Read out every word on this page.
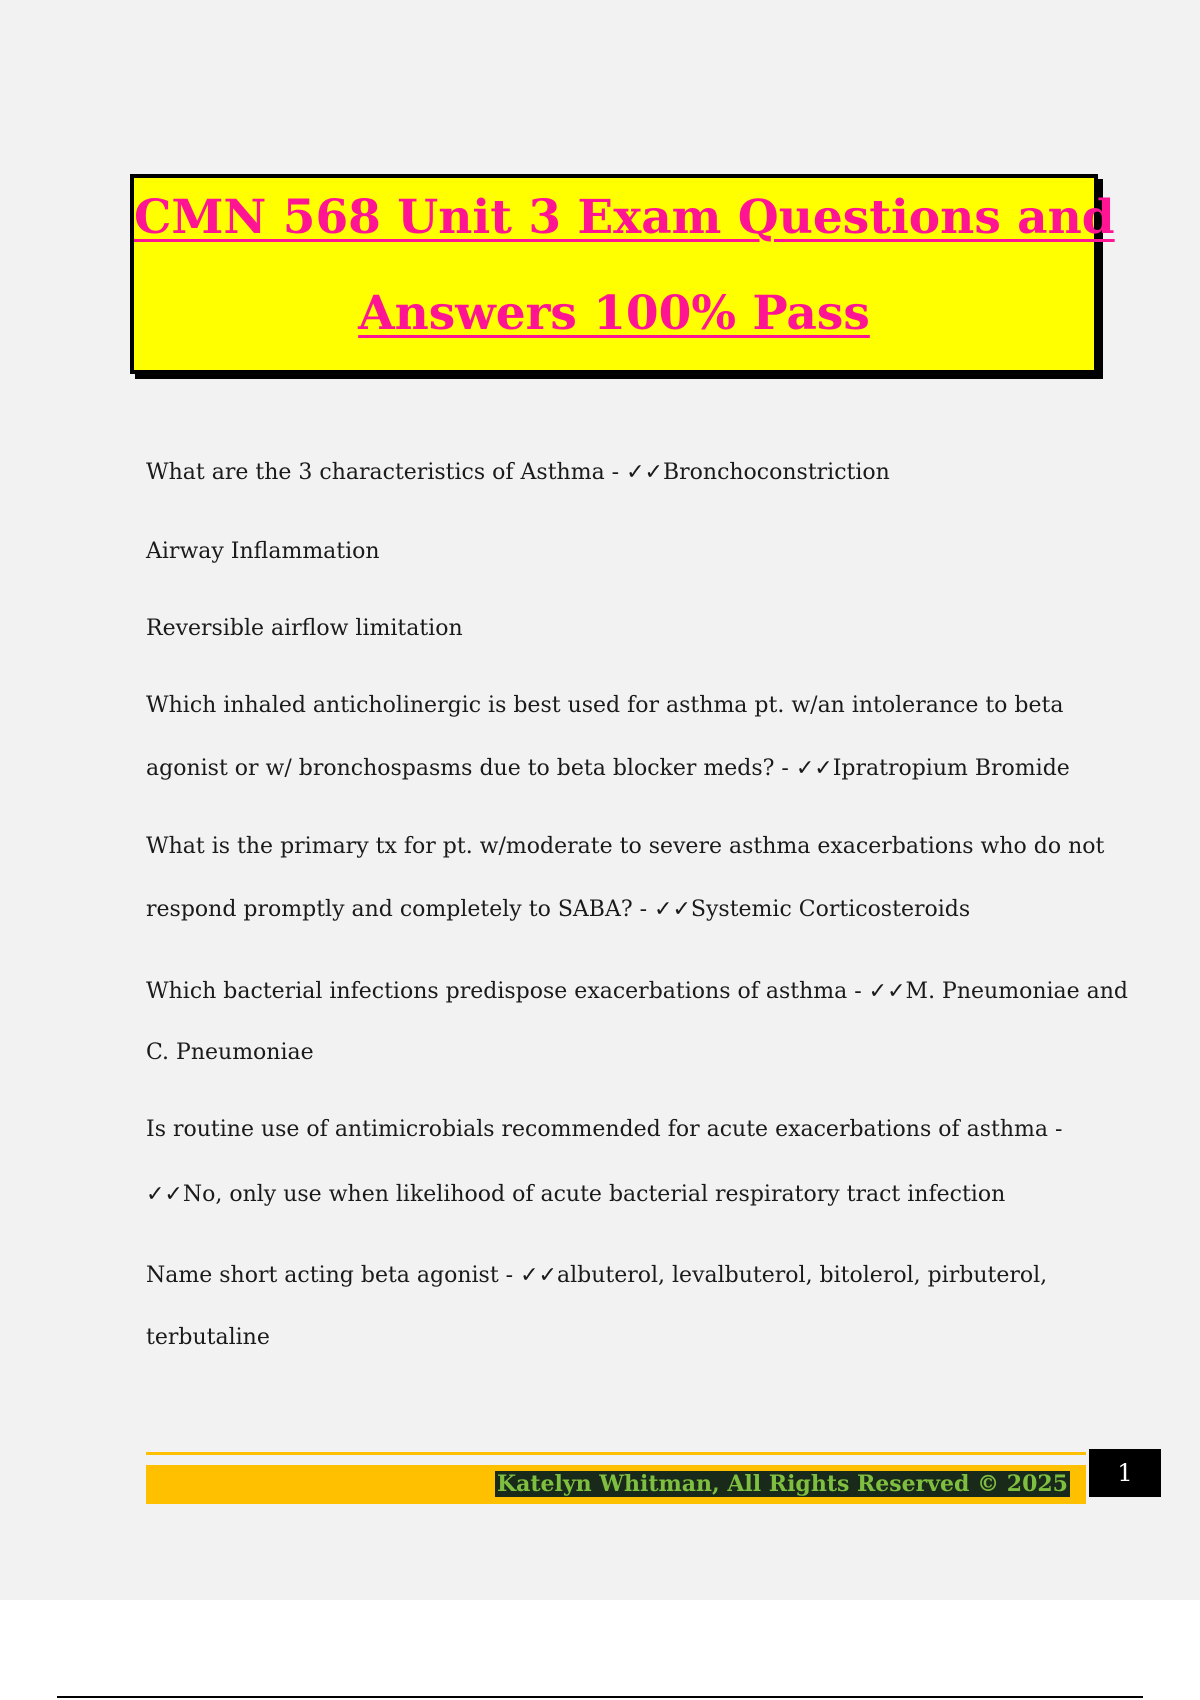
CMN 568 Unit 3 Exam Questions and
Answers 100% Pass
What are the 3 characteristics of Asthma - ✓✓Bronchoconstriction
Airway Inflammation
Reversible airflow limitation
Which inhaled anticholinergic is best used for asthma pt. w/an intolerance to beta
agonist or w/ bronchospasms due to beta blocker meds? - ✓✓Ipratropium Bromide
What is the primary tx for pt. w/moderate to severe asthma exacerbations who do not
respond promptly and completely to SABA? - ✓✓Systemic Corticosteroids
Which bacterial infections predispose exacerbations of asthma - ✓✓M. Pneumoniae and
C. Pneumoniae
Is routine use of antimicrobials recommended for acute exacerbations of asthma -
✓✓No, only use when likelihood of acute bacterial respiratory tract infection
Name short acting beta agonist - ✓✓albuterol, levalbuterol, bitolerol, pirbuterol,
terbutaline
Katelyn Whitman, All Rights Reserved © 2025	1
